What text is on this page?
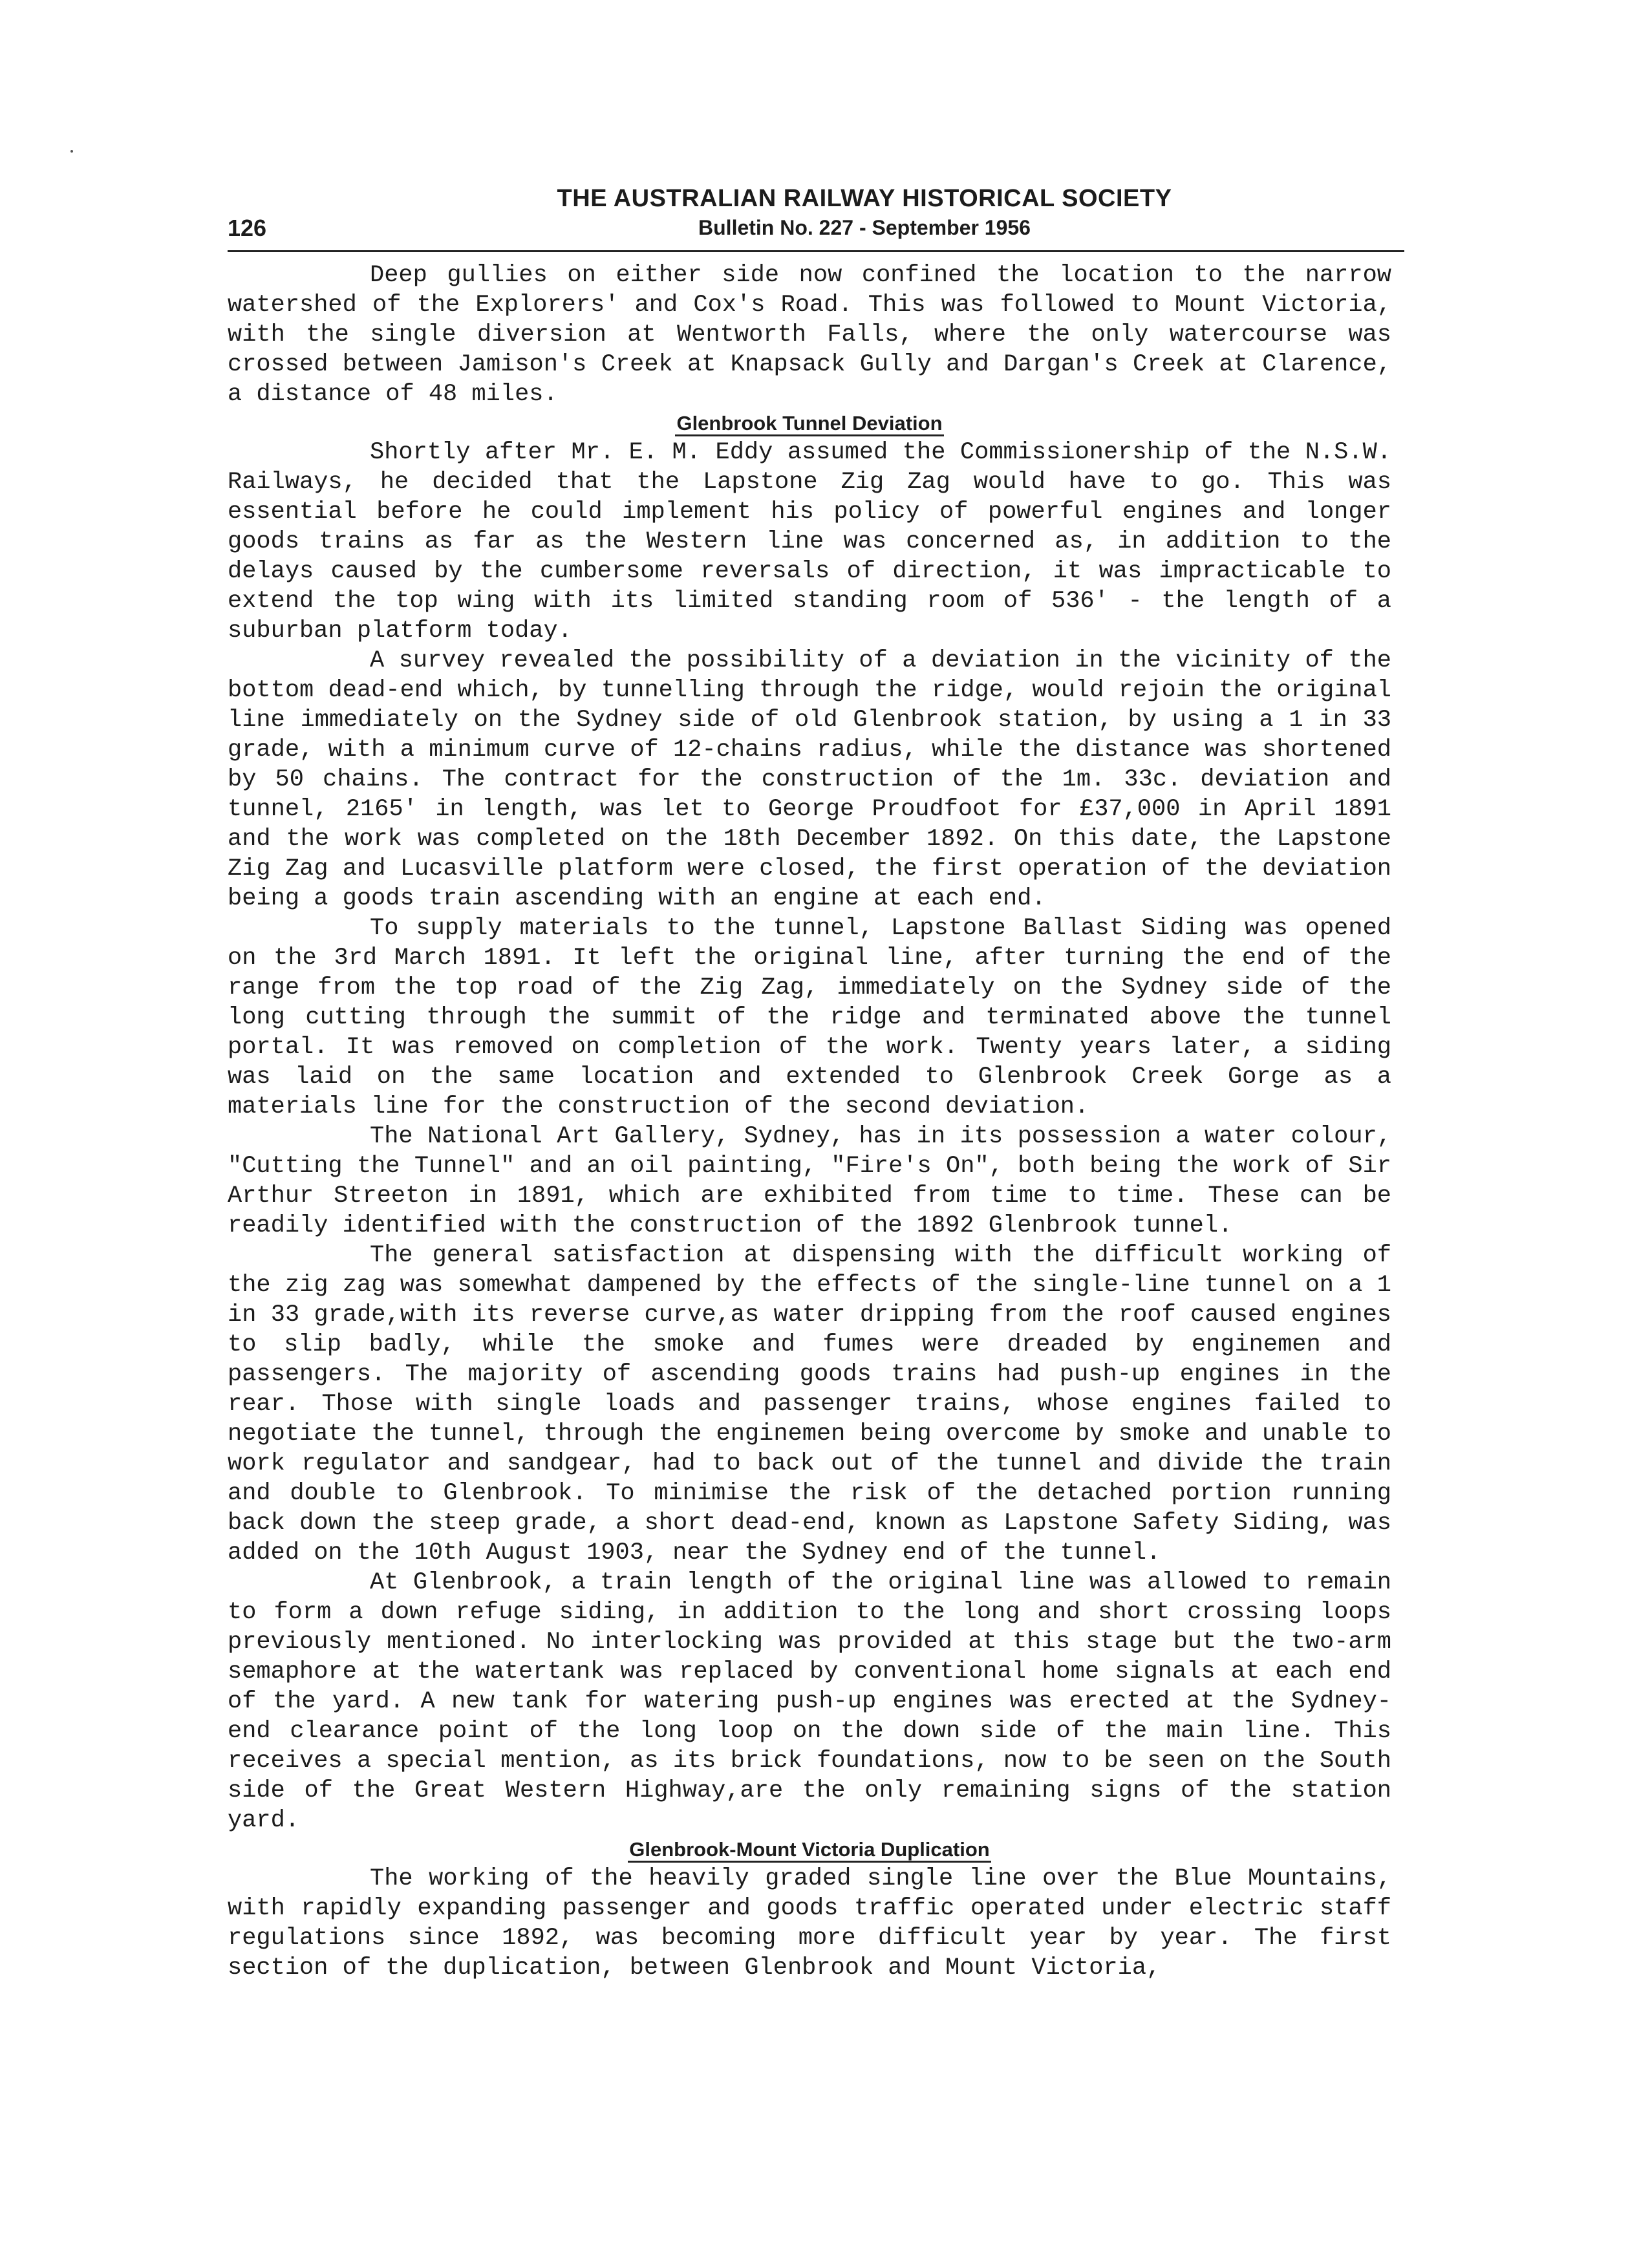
126
THE AUSTRALIAN RAILWAY HISTORICAL SOCIETY
Bulletin No. 227 - September 1956

Deep gullies on either side now confined the location to the narrow watershed of the Explorers' and Cox's Road. This was followed to Mount Victoria, with the single diversion at Wentworth Falls, where the only watercourse was crossed between Jamison's Creek at Knapsack Gully and Dargan's Creek at Clarence, a distance of 48 miles.

Glenbrook Tunnel Deviation

Shortly after Mr. E. M. Eddy assumed the Commissionership of the N.S.W. Railways, he decided that the Lapstone Zig Zag would have to go. This was essential before he could implement his policy of powerful engines and longer goods trains as far as the Western line was concerned as, in addition to the delays caused by the cumbersome reversals of direction, it was impracticable to extend the top wing with its limited standing room of 536' - the length of a suburban platform today.

A survey revealed the possibility of a deviation in the vicinity of the bottom dead-end which, by tunnelling through the ridge, would rejoin the original line immediately on the Sydney side of old Glenbrook station, by using a 1 in 33 grade, with a minimum curve of 12-chains radius, while the distance was shortened by 50 chains. The contract for the construction of the 1m. 33c. deviation and tunnel, 2165' in length, was let to George Proudfoot for £37,000 in April 1891 and the work was completed on the 18th December 1892. On this date, the Lapstone Zig Zag and Lucasville platform were closed, the first operation of the deviation being a goods train ascending with an engine at each end.

To supply materials to the tunnel, Lapstone Ballast Siding was opened on the 3rd March 1891. It left the original line, after turning the end of the range from the top road of the Zig Zag, immediately on the Sydney side of the long cutting through the summit of the ridge and terminated above the tunnel portal. It was removed on completion of the work. Twenty years later, a siding was laid on the same location and extended to Glenbrook Creek Gorge as a materials line for the construction of the second deviation.

The National Art Gallery, Sydney, has in its possession a water colour, "Cutting the Tunnel" and an oil painting, "Fire's On", both being the work of Sir Arthur Streeton in 1891, which are exhibited from time to time. These can be readily identified with the construction of the 1892 Glenbrook tunnel.

The general satisfaction at dispensing with the difficult working of the zig zag was somewhat dampened by the effects of the single-line tunnel on a 1 in 33 grade,with its reverse curve,as water dripping from the roof caused engines to slip badly, while the smoke and fumes were dreaded by enginemen and passengers. The majority of ascending goods trains had push-up engines in the rear. Those with single loads and passenger trains, whose engines failed to negotiate the tunnel, through the enginemen being overcome by smoke and unable to work regulator and sandgear, had to back out of the tunnel and divide the train and double to Glenbrook. To minimise the risk of the detached portion running back down the steep grade, a short dead-end, known as Lapstone Safety Siding, was added on the 10th August 1903, near the Sydney end of the tunnel.

At Glenbrook, a train length of the original line was allowed to remain to form a down refuge siding, in addition to the long and short crossing loops previously mentioned. No interlocking was provided at this stage but the two-arm semaphore at the watertank was replaced by conventional home signals at each end of the yard. A new tank for watering push-up engines was erected at the Sydney-end clearance point of the long loop on the down side of the main line. This receives a special mention, as its brick foundations, now to be seen on the South side of the Great Western Highway,are the only remaining signs of the station yard.

Glenbrook-Mount Victoria Duplication

The working of the heavily graded single line over the Blue Mountains, with rapidly expanding passenger and goods traffic operated under electric staff regulations since 1892, was becoming more difficult year by year. The first section of the duplication, between Glenbrook and Mount Victoria,
